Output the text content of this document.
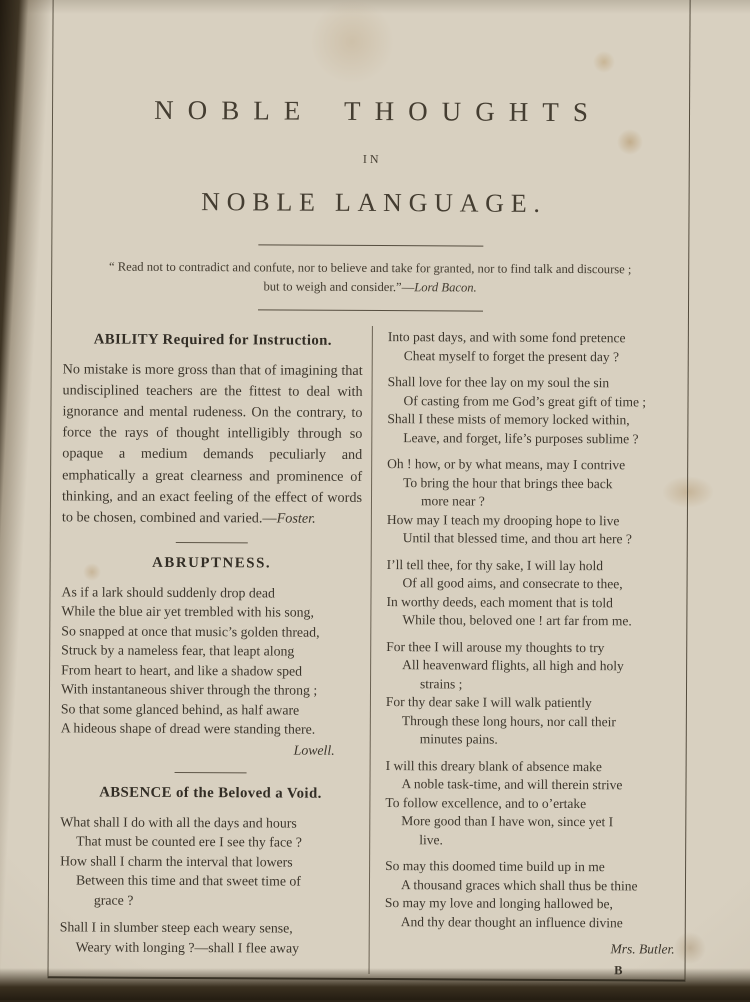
NOBLE THOUGHTS
IN
NOBLE LANGUAGE.
“ Read not to contradict and confute, nor to believe and take for granted, nor to find talk and discourse ;
but to weigh and consider.”—Lord Bacon.
ABILITY Required for Instruction.

No mistake is more gross than that of imagining that undisciplined teachers are the fittest to deal with ignorance and mental rudeness. On the contrary, to force the rays of thought intelligibly through so opaque a medium demands peculiarly and emphatically a great clearness and prominence of thinking, and an exact feeling of the effect of words to be chosen, combined and varied.—Foster.

ABRUPTNESS.
As if a lark should suddenly drop dead
While the blue air yet trembled with his song,
So snapped at once that music’s golden thread,
Struck by a nameless fear, that leapt along
From heart to heart, and like a shadow sped
With instantaneous shiver through the throng ;
So that some glanced behind, as half aware
A hideous shape of dread were standing there.
Lowell.
ABSENCE of the Beloved a Void.
What shall I do with all the days and hours
That must be counted ere I see thy face ?
How shall I charm the interval that lowers
Between this time and that sweet time of
grace ?
Shall I in slumber steep each weary sense,
Weary with longing ?—shall I flee away
Into past days, and with some fond pretence
Cheat myself to forget the present day ?
Shall love for thee lay on my soul the sin
Of casting from me God’s great gift of time ;
Shall I these mists of memory locked within,
Leave, and forget, life’s purposes sublime ?
Oh ! how, or by what means, may I contrive
To bring the hour that brings thee back
more near ?
How may I teach my drooping hope to live
Until that blessed time, and thou art here ?
I’ll tell thee, for thy sake, I will lay hold
Of all good aims, and consecrate to thee,
In worthy deeds, each moment that is told
While thou, beloved one ! art far from me.
For thee I will arouse my thoughts to try
All heavenward flights, all high and holy
strains ;
For thy dear sake I will walk patiently
Through these long hours, nor call their
minutes pains.
I will this dreary blank of absence make
A noble task-time, and will therein strive
To follow excellence, and to o’ertake
More good than I have won, since yet I
live.
So may this doomed time build up in me
A thousand graces which shall thus be thine
So may my love and longing hallowed be,
And thy dear thought an influence divine
Mrs. Butler.
B
